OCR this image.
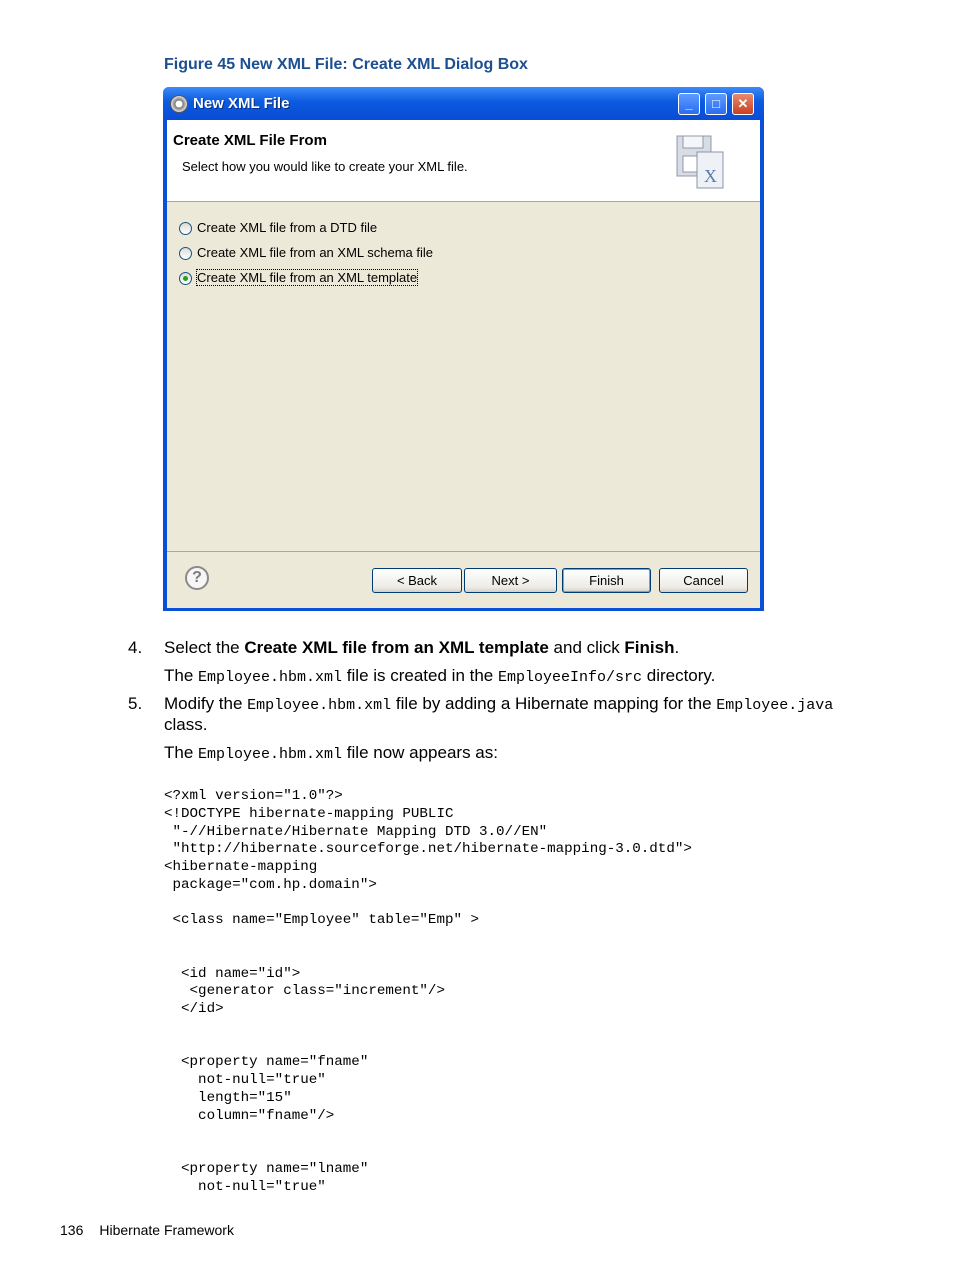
Figure 45 New XML File: Create XML Dialog Box
New XML File	_	□	✕
Create XML File From
Select how you would like to create your XML file.	X
Create XML file from a DTD file
Create XML file from an XML schema file
Create XML file from an XML template
?	< Back	Next >	Finish	Cancel
4. Select the Create XML file from an XML template and click Finish.
The Employee.hbm.xml file is created in the EmployeeInfo/src directory.
5. Modify the Employee.hbm.xml file by adding a Hibernate mapping for the Employee.java
class.
The Employee.hbm.xml file now appears as:
<?xml version="1.0"?>
<!DOCTYPE hibernate-mapping PUBLIC
"-//Hibernate/Hibernate Mapping DTD 3.0//EN"
"http://hibernate.sourceforge.net/hibernate-mapping-3.0.dtd">
<hibernate-mapping
package="com.hp.domain">

<class name="Employee" table="Emp" >

<id name="id">
<generator class="increment"/>
</id>

<property name="fname"
not-null="true"
length="15"
column="fname"/>

<property name="lname"
not-null="true"
136 Hibernate Framework
